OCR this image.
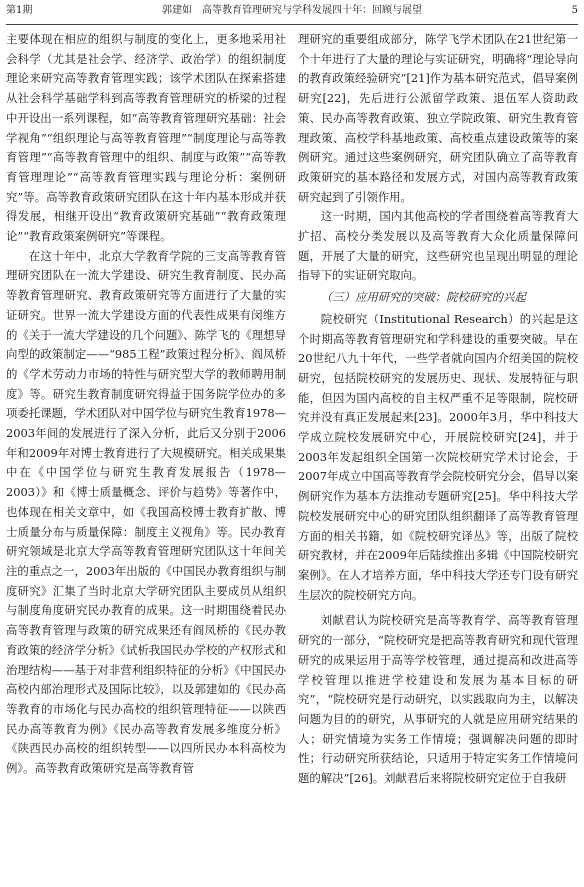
第1期	郭建如　高等教育管理研究与学科发展四十年：回顾与展望	5

主要体现在相应的组织与制度的变化上，更多地采用社会科学（尤其是社会学、经济学、政治学）的组织制度理论来研究高等教育管理实践；该学术团队在探索搭建从社会科学基础学科到高等教育管理研究的桥梁的过程中开设出一系列课程，如“高等教育管理研究基础：社会学视角”“组织理论与高等教育管理”“制度理论与高等教育管理”“高等教育管理中的组织、制度与政策”“高等教育管理理论”“高等教育管理实践与理论分析：案例研究”等。高等教育政策研究团队在这十年内基本形成并获得发展，相继开设出“教育政策研究基础”“教育政策理论”“教育政策案例研究”等课程。

在这十年中，北京大学教育学院的三支高等教育管理研究团队在一流大学建设、研究生教育制度、民办高等教育管理研究、教育政策研究等方面进行了大量的实证研究。世界一流大学建设方面的代表性成果有闵维方的《关于一流大学建设的几个问题》、陈学飞的《理想导向型的政策制定——“985工程”政策过程分析》、阎凤桥的《学术劳动力市场的特性与研究型大学的教师聘用制度》等。研究生教育制度研究得益于国务院学位办的多项委托课题，学术团队对中国学位与研究生教育1978—2003年间的发展进行了深入分析，此后又分别于2006年和2009年对博士教育进行了大规模研究。相关成果集中在《中国学位与研究生教育发展报告（1978—2003）》和《博士质量概念、评价与趋势》等著作中，也体现在相关文章中，如《我国高校博士教育扩散、博士质量分布与质量保障：制度主义视角》等。民办教育研究领域是北京大学高等教育管理研究团队这十年间关注的重点之一，2003年出版的《中国民办教育组织与制度研究》汇集了当时北京大学研究团队主要成员从组织与制度角度研究民办教育的成果。这一时期围绕着民办高等教育管理与政策的研究成果还有阎凤桥的《民办教育政策的经济学分析》《试析我国民办学校的产权形式和治理结构——基于对非营利组织特征的分析》《中国民办高校内部治理形式及国际比较》，以及郭建如的《民办高等教育的市场化与民办高校的组织管理特征——以陕西民办高等教育为例》《民办高等教育发展多维度分析》《陕西民办高校的组织转型——以四所民办本科高校为例》。高等教育政策研究是高等教育管

理研究的重要组成部分，陈学飞学术团队在21世纪第一个十年进行了大量的理论与实证研究，明确将“理论导向的教育政策经验研究”[21]作为基本研究范式，倡导案例研究[22]，先后进行公派留学政策、退伍军人资助政策、民办高等教育政策、独立学院政策、研究生教育管理政策、高校学科基地政策、高校重点建设政策等的案例研究。通过这些案例研究，研究团队确立了高等教育政策研究的基本路径和发展方式，对国内高等教育政策研究起到了引领作用。

这一时期，国内其他高校的学者围绕着高等教育大扩招、高校分类发展以及高等教育大众化质量保障问题，开展了大量的研究，这些研究也呈现出明显的理论指导下的实证研究取向。

（三）应用研究的突破：院校研究的兴起

院校研究（Institutional Research）的兴起是这个时期高等教育管理研究和学科建设的重要突破。早在20世纪八九十年代，一些学者就向国内介绍美国的院校研究，包括院校研究的发展历史、现状、发展特征与职能，但因为国内高校的自主权严重不足等限制，院校研究并没有真正发展起来[23]。2000年3月，华中科技大学成立院校发展研究中心，开展院校研究[24]，并于2003年发起组织全国第一次院校研究学术讨论会，于2007年成立中国高等教育学会院校研究分会，倡导以案例研究作为基本方法推动专题研究[25]。华中科技大学院校发展研究中心的研究团队组织翻译了高等教育管理方面的相关书籍，如《院校研究译丛》等，出版了院校研究教材，并在2009年后陆续推出多辑《中国院校研究案例》。在人才培养方面，华中科技大学还专门设有研究生层次的院校研究方向。

刘献君认为院校研究是高等教育学、高等教育管理研究的一部分，“院校研究是把高等教育研究和现代管理研究的成果运用于高等学校管理，通过提高和改进高等学校管理以推进学校建设和发展为基本目标的研究”，“院校研究是行动研究，以实践取向为主，以解决问题为目的的研究，从事研究的人就是应用研究结果的人；研究情境为实务工作情境；强调解决问题的即时性；行动研究所获结论，只适用于特定实务工作情境问题的解决”[26]。刘献君后来将院校研究定位于自我研
